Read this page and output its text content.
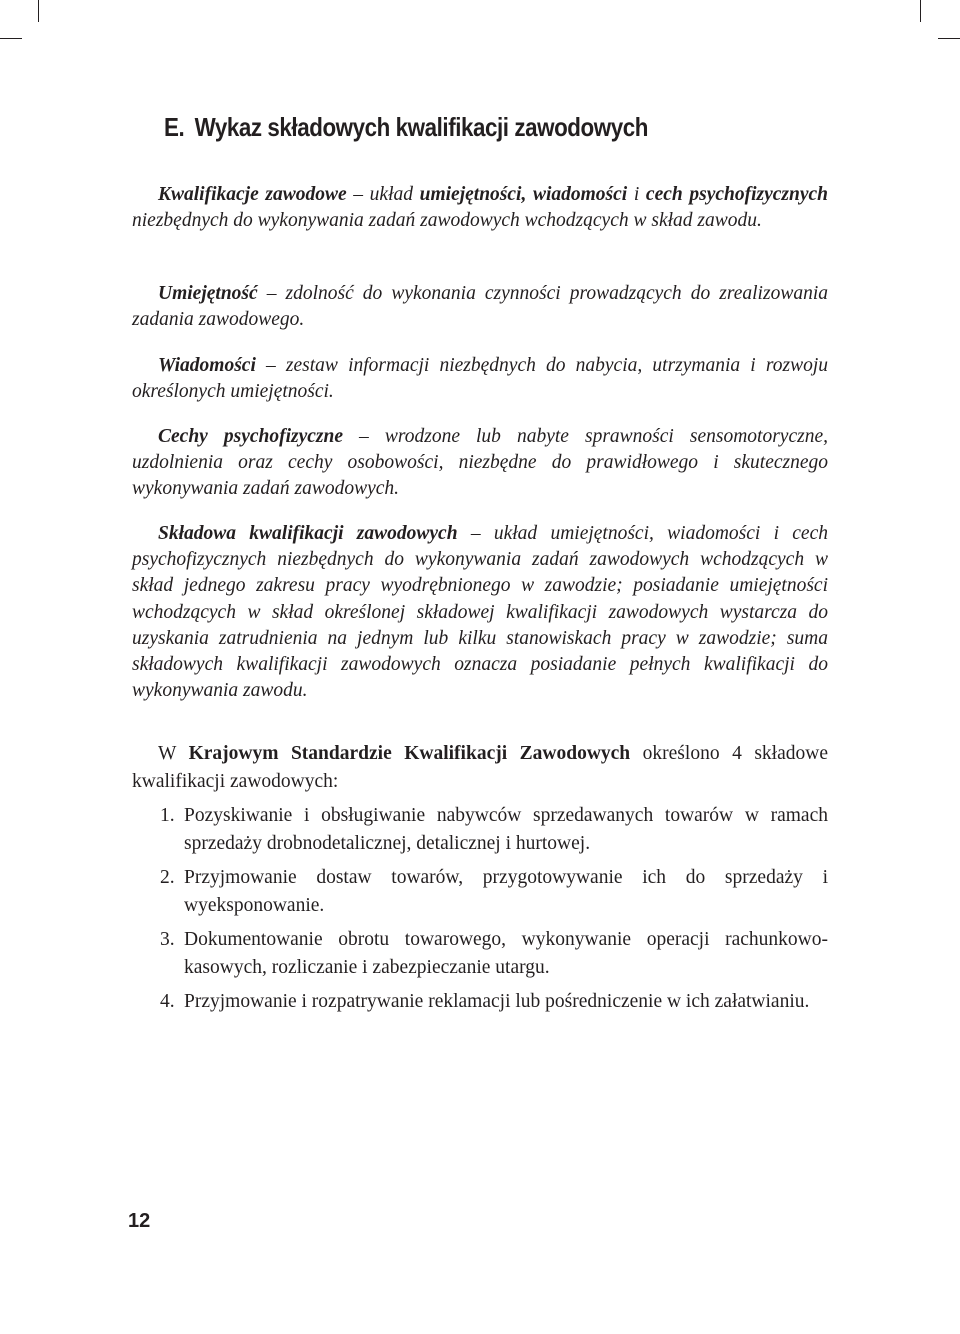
E. Wykaz składowych kwalifikacji zawodowych

Kwalifikacje zawodowe – układ umiejętności, wiadomości i cech psychofizycznych niezbędnych do wykonywania zadań zawodowych wchodzących w skład zawodu.

Umiejętność – zdolność do wykonania czynności prowadzących do zrealizowania zadania zawodowego.

Wiadomości – zestaw informacji niezbędnych do nabycia, utrzymania i rozwoju określonych umiejętności.

Cechy psychofizyczne – wrodzone lub nabyte sprawności sensomotoryczne, uzdolnienia oraz cechy osobowości, niezbędne do prawidłowego i skutecznego wykonywania zadań zawodowych.

Składowa kwalifikacji zawodowych – układ umiejętności, wiadomości i cech psychofizycznych niezbędnych do wykonywania zadań zawodowych wchodzących w skład jednego zakresu pracy wyodrębnionego w zawodzie; posiadanie umiejętności wchodzących w skład określonej składowej kwalifikacji zawodowych wystarcza do uzyskania zatrudnienia na jednym lub kilku stanowiskach pracy w zawodzie; suma składowych kwalifikacji zawodowych oznacza posiadanie pełnych kwalifikacji do wykonywania zawodu.

W Krajowym Standardzie Kwalifikacji Zawodowych określono 4 składowe kwalifikacji zawodowych:

1. Pozyskiwanie i obsługiwanie nabywców sprzedawanych towarów w ramach sprzedaży drobnodetalicznej, detalicznej i hurtowej.
2. Przyjmowanie dostaw towarów, przygotowywanie ich do sprzedaży i wyeksponowanie.
3. Dokumentowanie obrotu towarowego, wykonywanie operacji rachunkowo-kasowych, rozliczanie i zabezpieczanie utargu.
4. Przyjmowanie i rozpatrywanie reklamacji lub pośredniczenie w ich załatwianiu.
12
